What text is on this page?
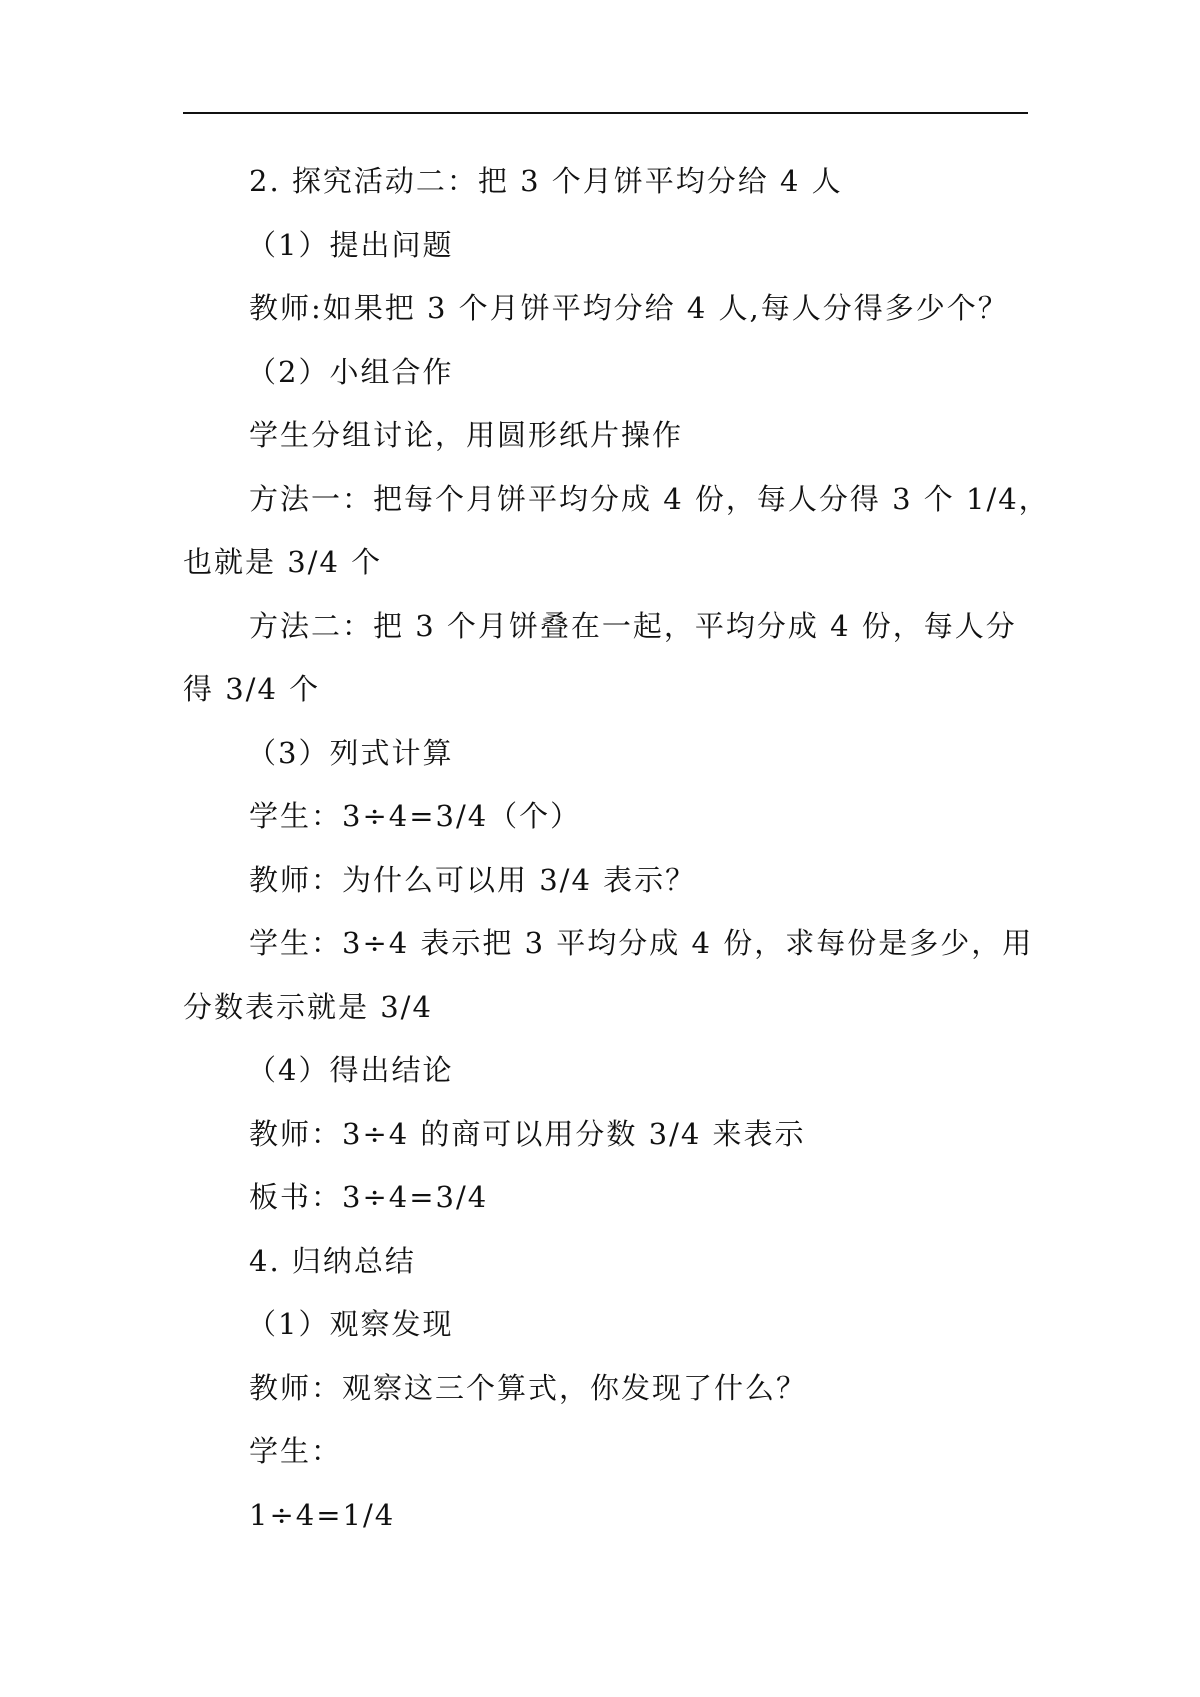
2. 探究活动二：把 3 个月饼平均分给 4 人
（1）提出问题
教师:如果把 3 个月饼平均分给 4 人,每人分得多少个？
（2）小组合作
学生分组讨论，用圆形纸片操作
方法一：把每个月饼平均分成 4 份，每人分得 3 个 1/4，
也就是 3/4 个
方法二：把 3 个月饼叠在一起，平均分成 4 份，每人分
得 3/4 个
（3）列式计算
学生：3÷4=3/4（个）
教师：为什么可以用 3/4 表示？
学生：3÷4 表示把 3 平均分成 4 份，求每份是多少，用
分数表示就是 3/4
（4）得出结论
教师：3÷4 的商可以用分数 3/4 来表示
板书：3÷4=3/4
4. 归纳总结
（1）观察发现
教师：观察这三个算式，你发现了什么？
学生：
1÷4=1/4
